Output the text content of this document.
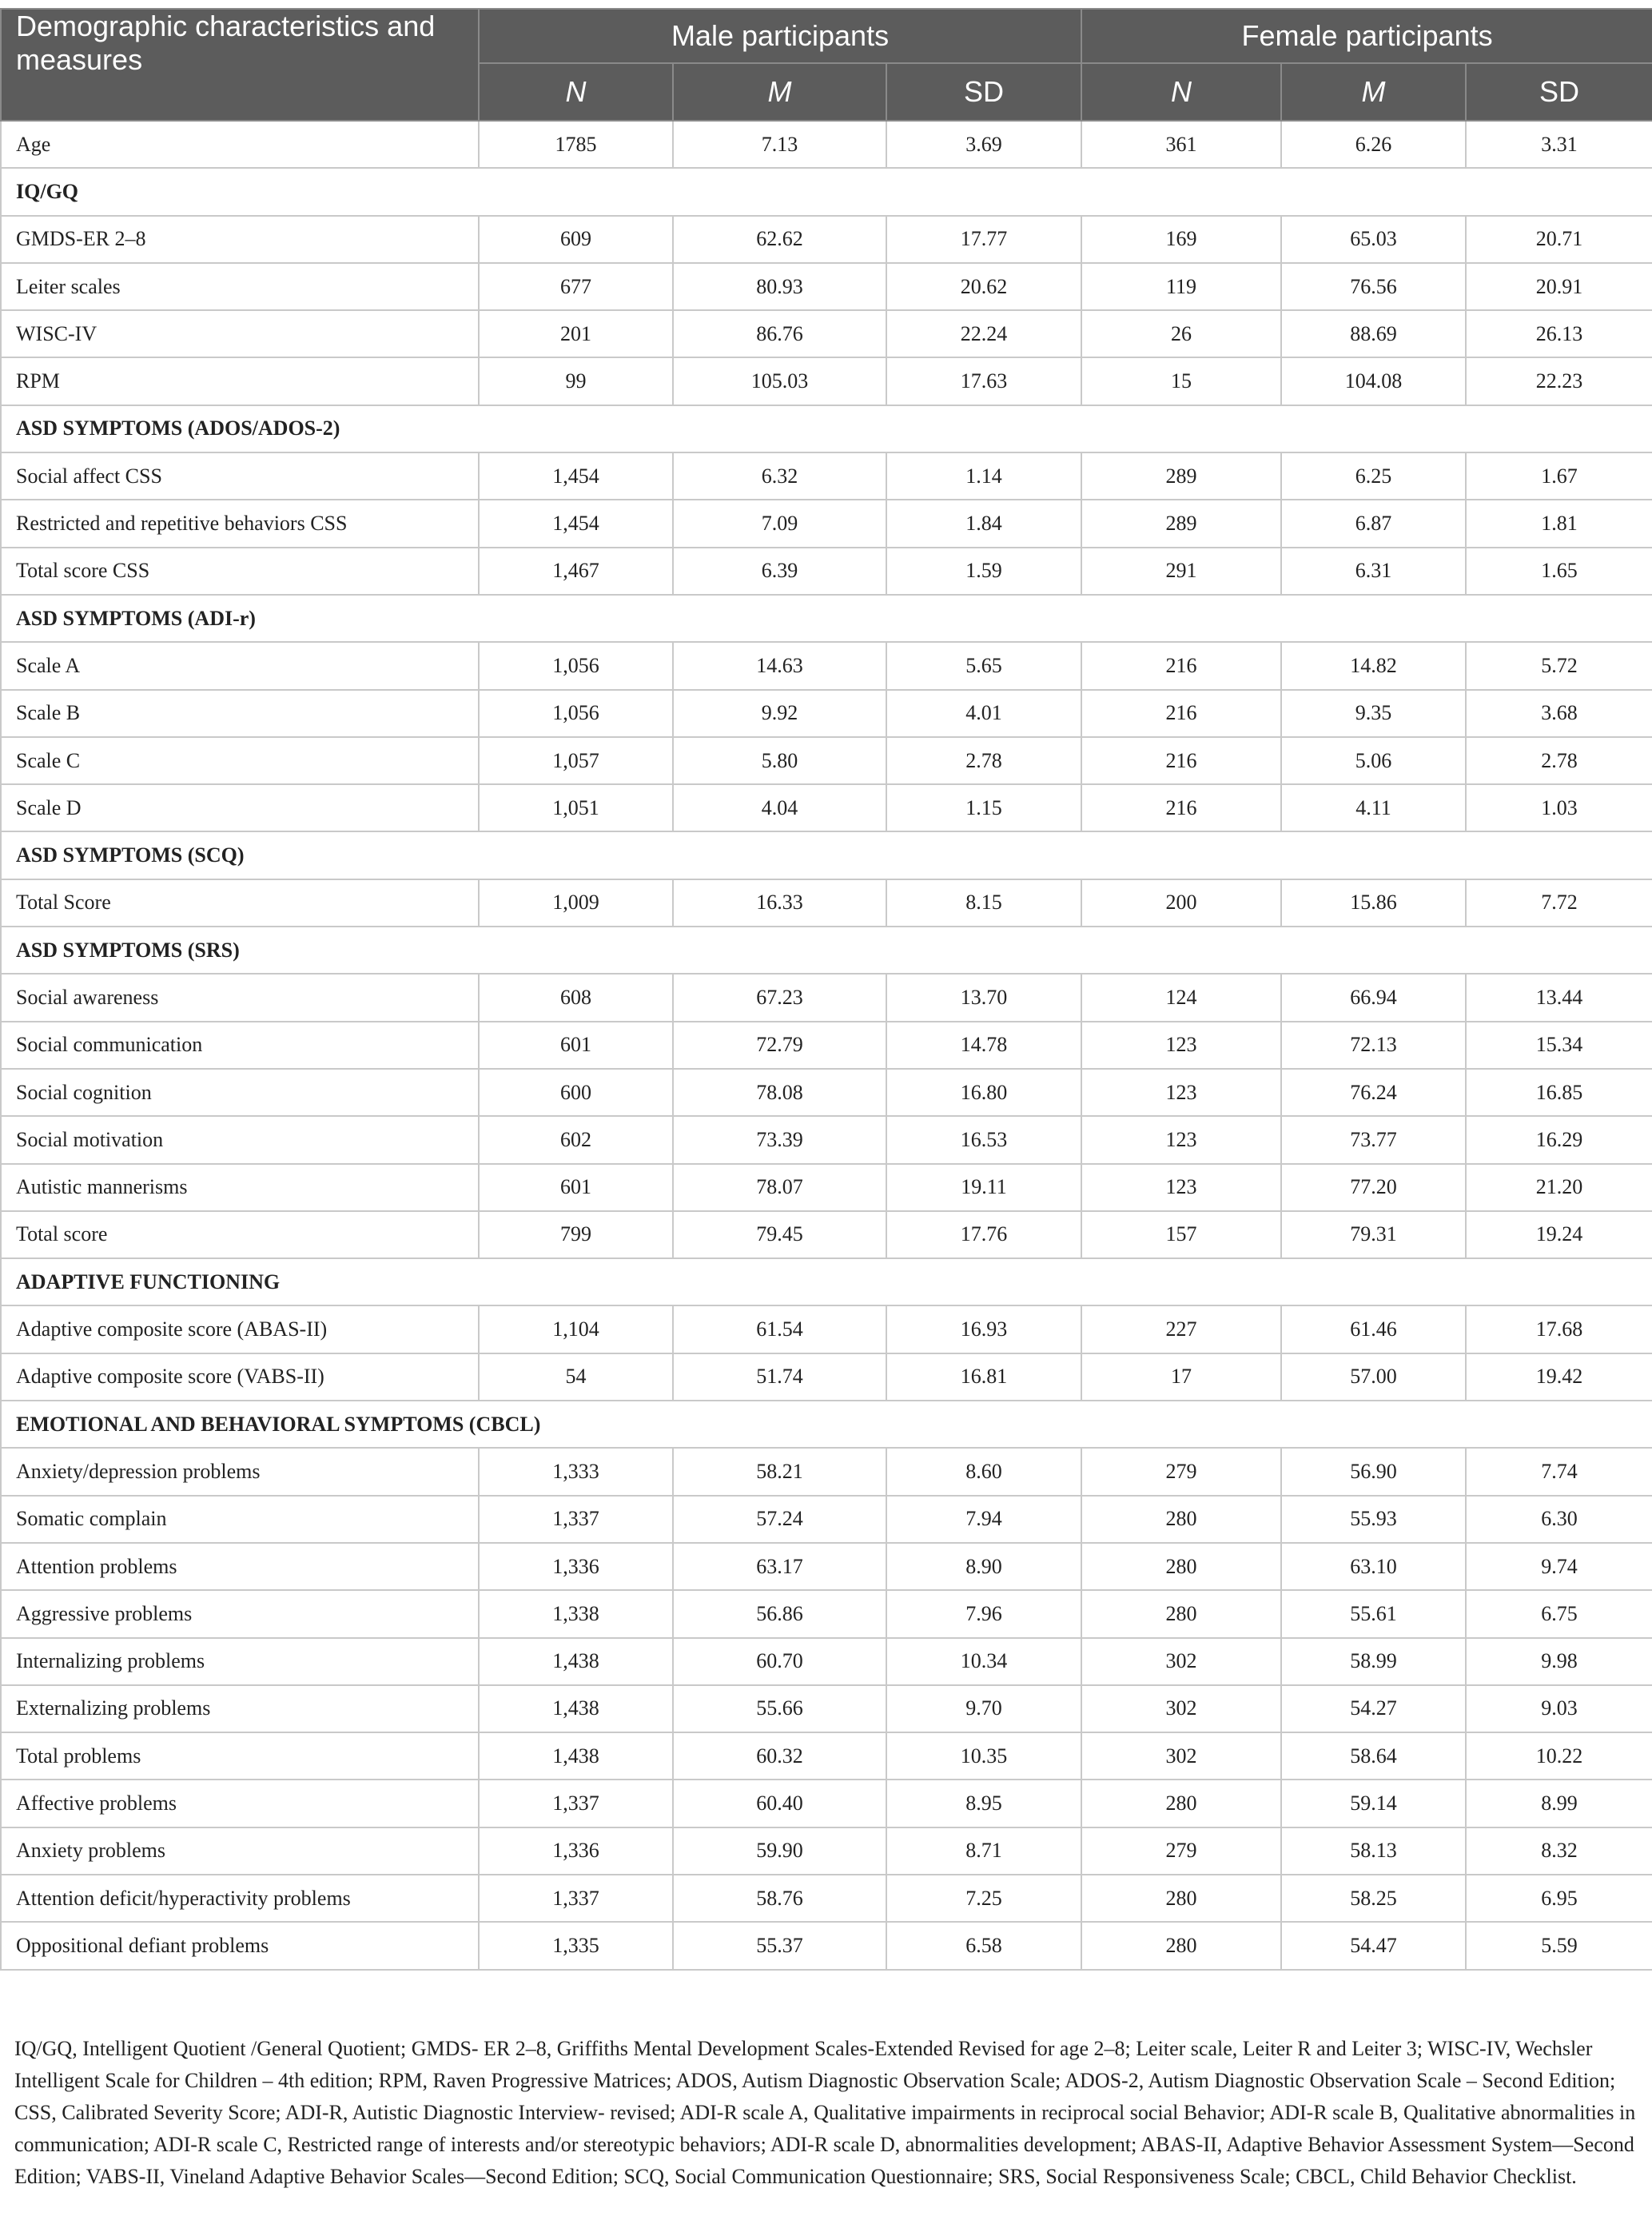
Demographic characteristics and measures	Male participants			Female participants		
	N	M	SD	N	M	SD
Age	1785	7.13	3.69	361	6.26	3.31
IQ/GQ						
GMDS-ER 2–8	609	62.62	17.77	169	65.03	20.71
Leiter scales	677	80.93	20.62	119	76.56	20.91
WISC-IV	201	86.76	22.24	26	88.69	26.13
RPM	99	105.03	17.63	15	104.08	22.23
ASD SYMPTOMS (ADOS/ADOS-2)						
Social affect CSS	1,454	6.32	1.14	289	6.25	1.67
Restricted and repetitive behaviors CSS	1,454	7.09	1.84	289	6.87	1.81
Total score CSS	1,467	6.39	1.59	291	6.31	1.65
ASD SYMPTOMS (ADI-r)						
Scale A	1,056	14.63	5.65	216	14.82	5.72
Scale B	1,056	9.92	4.01	216	9.35	3.68
Scale C	1,057	5.80	2.78	216	5.06	2.78
Scale D	1,051	4.04	1.15	216	4.11	1.03
ASD SYMPTOMS (SCQ)						
Total Score	1,009	16.33	8.15	200	15.86	7.72
ASD SYMPTOMS (SRS)						
Social awareness	608	67.23	13.70	124	66.94	13.44
Social communication	601	72.79	14.78	123	72.13	15.34
Social cognition	600	78.08	16.80	123	76.24	16.85
Social motivation	602	73.39	16.53	123	73.77	16.29
Autistic mannerisms	601	78.07	19.11	123	77.20	21.20
Total score	799	79.45	17.76	157	79.31	19.24
ADAPTIVE FUNCTIONING						
Adaptive composite score (ABAS-II)	1,104	61.54	16.93	227	61.46	17.68
Adaptive composite score (VABS-II)	54	51.74	16.81	17	57.00	19.42
EMOTIONAL AND BEHAVIORAL SYMPTOMS (CBCL)						
Anxiety/depression problems	1,333	58.21	8.60	279	56.90	7.74
Somatic complain	1,337	57.24	7.94	280	55.93	6.30
Attention problems	1,336	63.17	8.90	280	63.10	9.74
Aggressive problems	1,338	56.86	7.96	280	55.61	6.75
Internalizing problems	1,438	60.70	10.34	302	58.99	9.98
Externalizing problems	1,438	55.66	9.70	302	54.27	9.03
Total problems	1,438	60.32	10.35	302	58.64	10.22
Affective problems	1,337	60.40	8.95	280	59.14	8.99
Anxiety problems	1,336	59.90	8.71	279	58.13	8.32
Attention deficit/hyperactivity problems	1,337	58.76	7.25	280	58.25	6.95
Oppositional defiant problems	1,335	55.37	6.58	280	54.47	5.59
IQ/GQ, Intelligent Quotient /General Quotient; GMDS- ER 2–8, Griffiths Mental Development Scales-Extended Revised for age 2–8; Leiter scale, Leiter R and Leiter 3; WISC-IV, Wechsler Intelligent Scale for Children – 4th edition; RPM, Raven Progressive Matrices; ADOS, Autism Diagnostic Observation Scale; ADOS-2, Autism Diagnostic Observation Scale – Second Edition; CSS, Calibrated Severity Score; ADI-R, Autistic Diagnostic Interview- revised; ADI-R scale A, Qualitative impairments in reciprocal social Behavior; ADI-R scale B, Qualitative abnormalities in communication; ADI-R scale C, Restricted range of interests and/or stereotypic behaviors; ADI-R scale D, abnormalities development; ABAS-II, Adaptive Behavior Assessment System—Second Edition; VABS-II, Vineland Adaptive Behavior Scales—Second Edition; SCQ, Social Communication Questionnaire; SRS, Social Responsiveness Scale; CBCL, Child Behavior Checklist.
